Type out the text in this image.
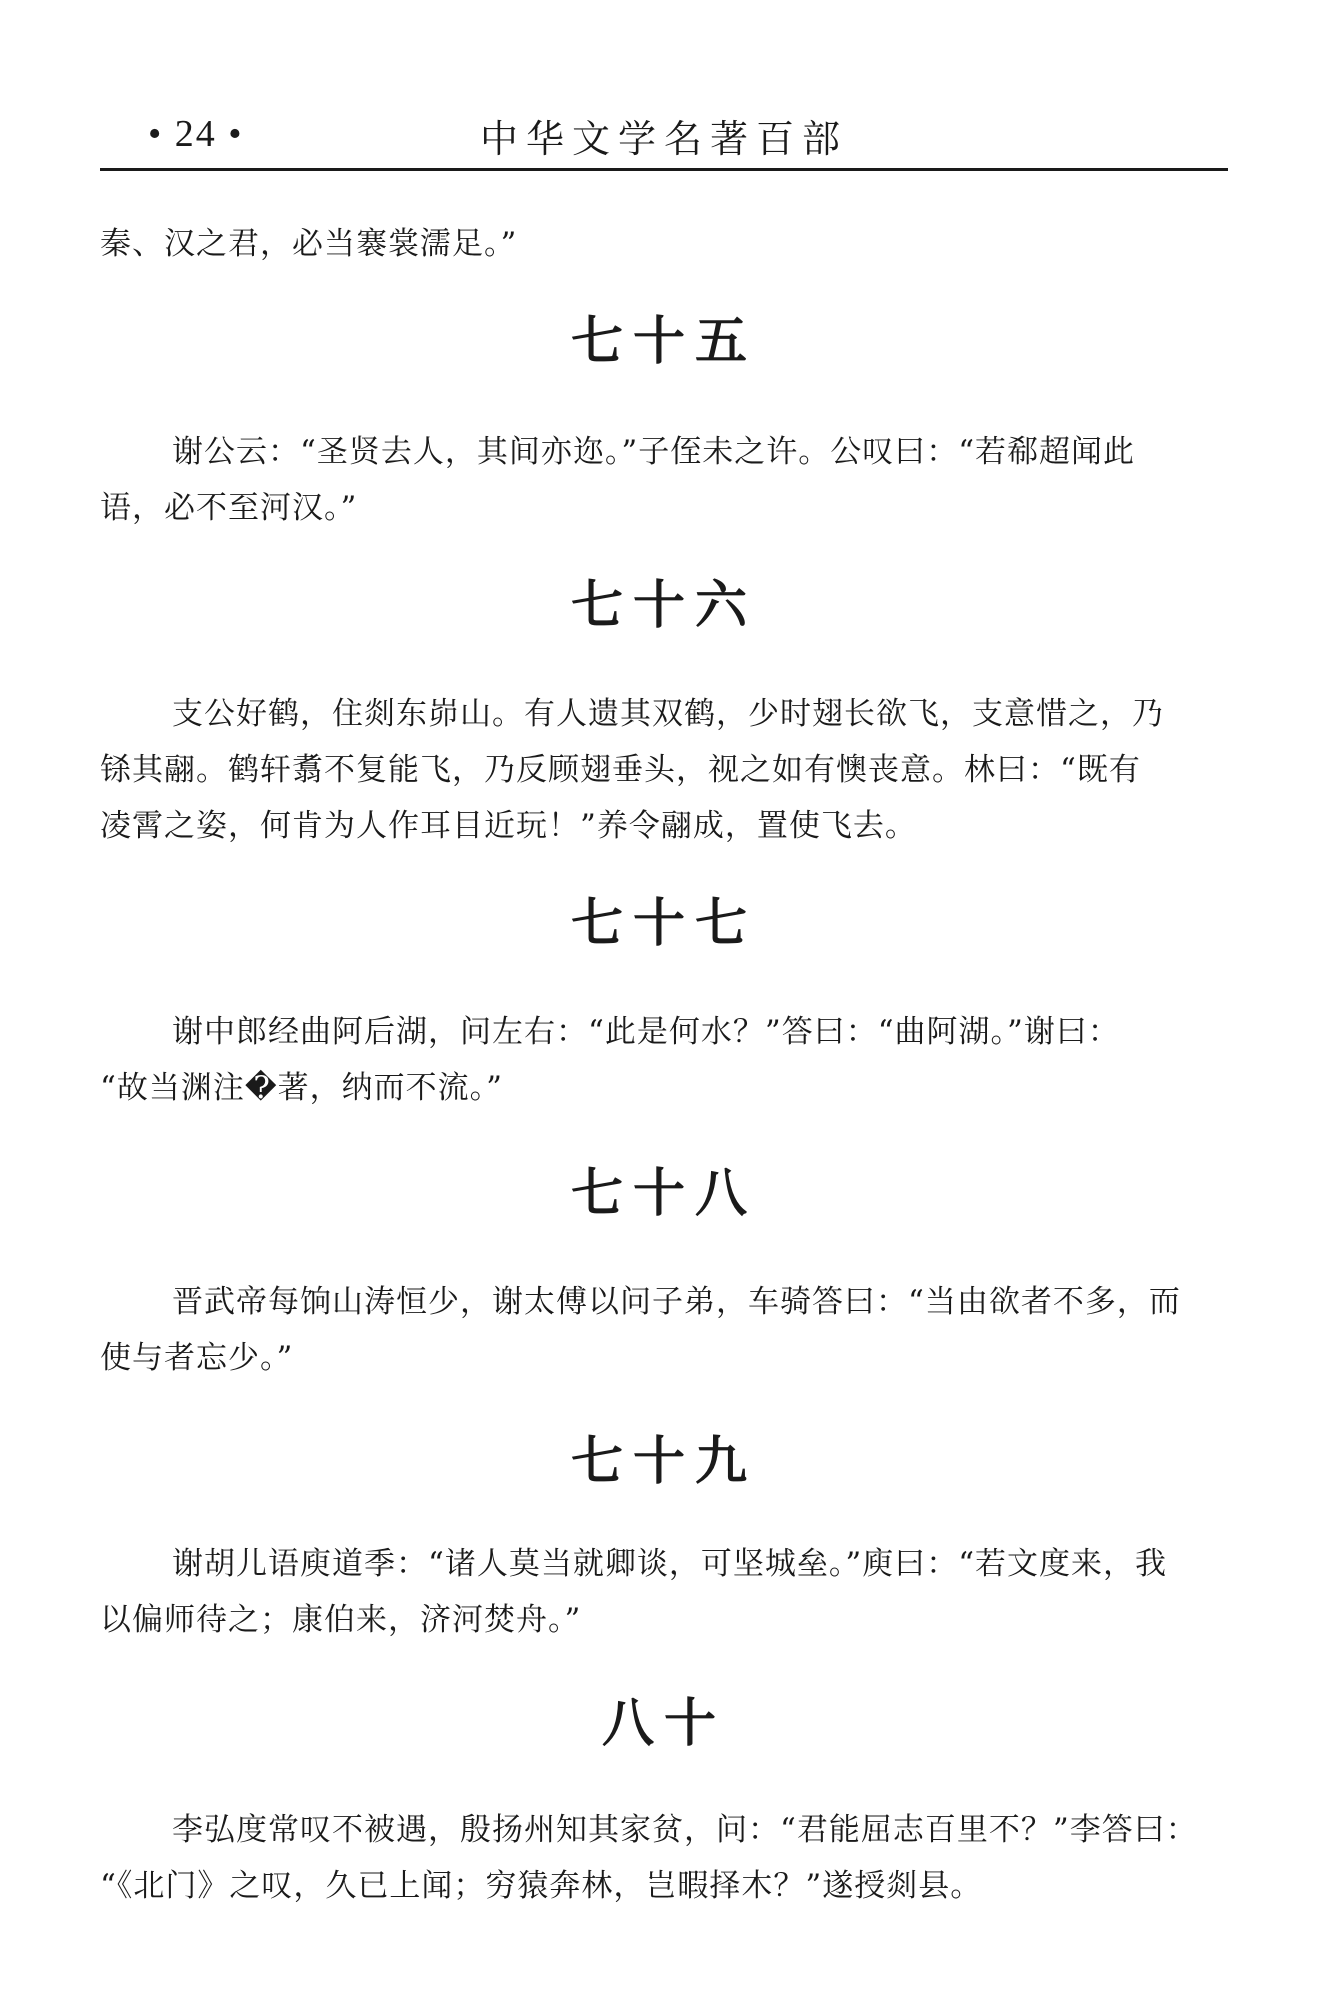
• 24 •	中华文学名著百部

秦、汉之君，必当褰裳濡足。”

七十五

谢公云：“圣贤去人，其间亦迩。”子侄未之许。公叹曰：“若郗超闻此

语，必不至河汉。”

七十六

支公好鹤，住剡东峁山。有人遗其双鹤，少时翅长欲飞，支意惜之，乃

铩其翮。鹤轩翥不复能飞，乃反顾翅垂头，视之如有懊丧意。林曰：“既有

凌霄之姿，何肯为人作耳目近玩！”养令翮成，置使飞去。

七十七

谢中郎经曲阿后湖，问左右：“此是何水？”答曰：“曲阿湖。”谢曰：

“故当渊注�著，纳而不流。”

七十八

晋武帝每饷山涛恒少，谢太傅以问子弟，车骑答曰：“当由欲者不多，而

使与者忘少。”

七十九

谢胡儿语庾道季：“诸人莫当就卿谈，可坚城垒。”庾曰：“若文度来，我

以偏师待之；康伯来，济河焚舟。”

八十

李弘度常叹不被遇，殷扬州知其家贫，问：“君能屈志百里不？”李答曰：

“《北门》之叹，久已上闻；穷猿奔林，岂暇择木？”遂授剡县。
